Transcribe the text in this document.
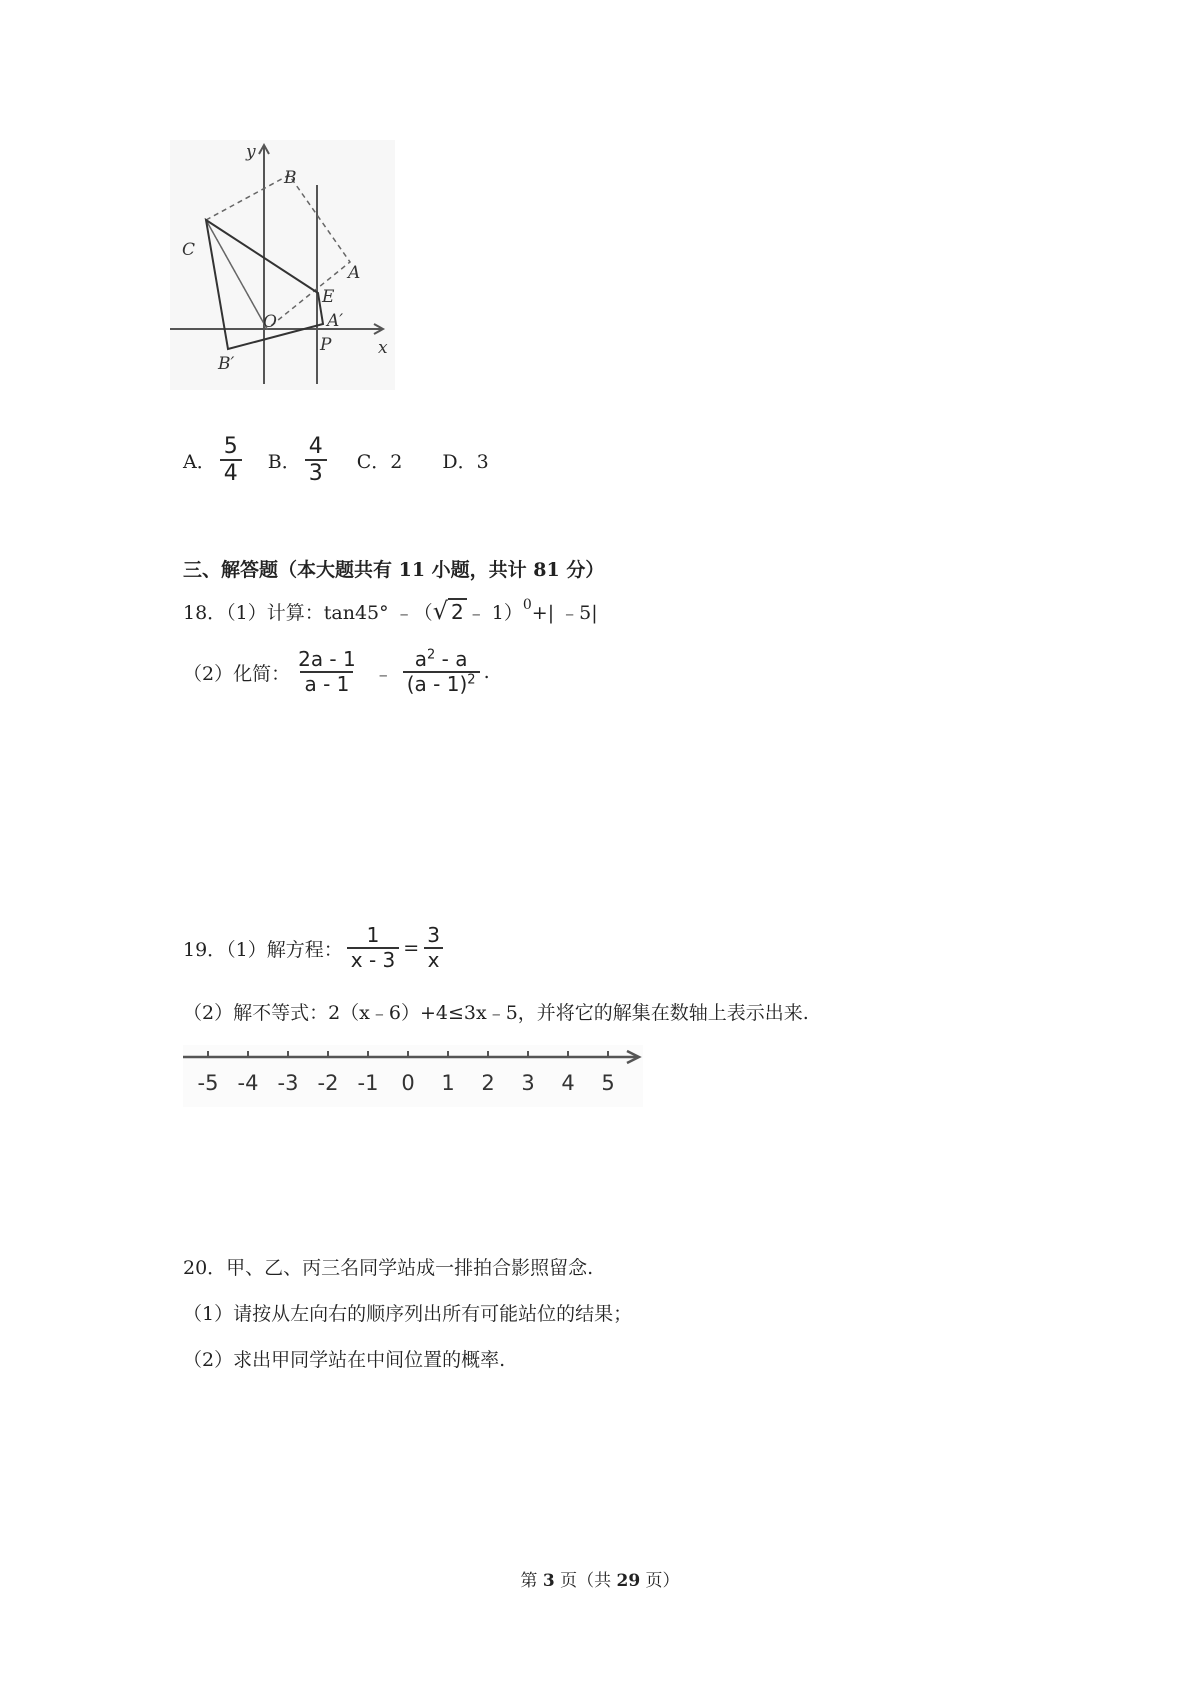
y
B
C
A
E
O	A′
P
B′
x
A． $\frac{5}{4}$ B． $\frac{4}{3}$ C．2 D．3
三、解答题（本大题共有 11 小题，共计 81 分）
18．（1）计算：tan45° ﹣（ √ 2 ﹣ 1）$^0$ +| ﹣5|
（2）化简： $\frac{2a - 1}{a - 1}$ ﹣ $\frac{a^2 - a}{(a - 1)^2}$ .
19．（1）解方程： $\frac{1}{x - 3} = \frac{3}{x}$
（2）解不等式：2（x﹣6）+4≤3x﹣5，并将它的解集在数轴上表示出来.
-5 -4 -3 -2 -1 0 1 2 3 4 5
20．甲、乙、丙三名同学站成一排拍合影照留念.
（1）请按从左向右的顺序列出所有可能站位的结果；
（2）求出甲同学站在中间位置的概率.
第 3 页（共 29 页）
